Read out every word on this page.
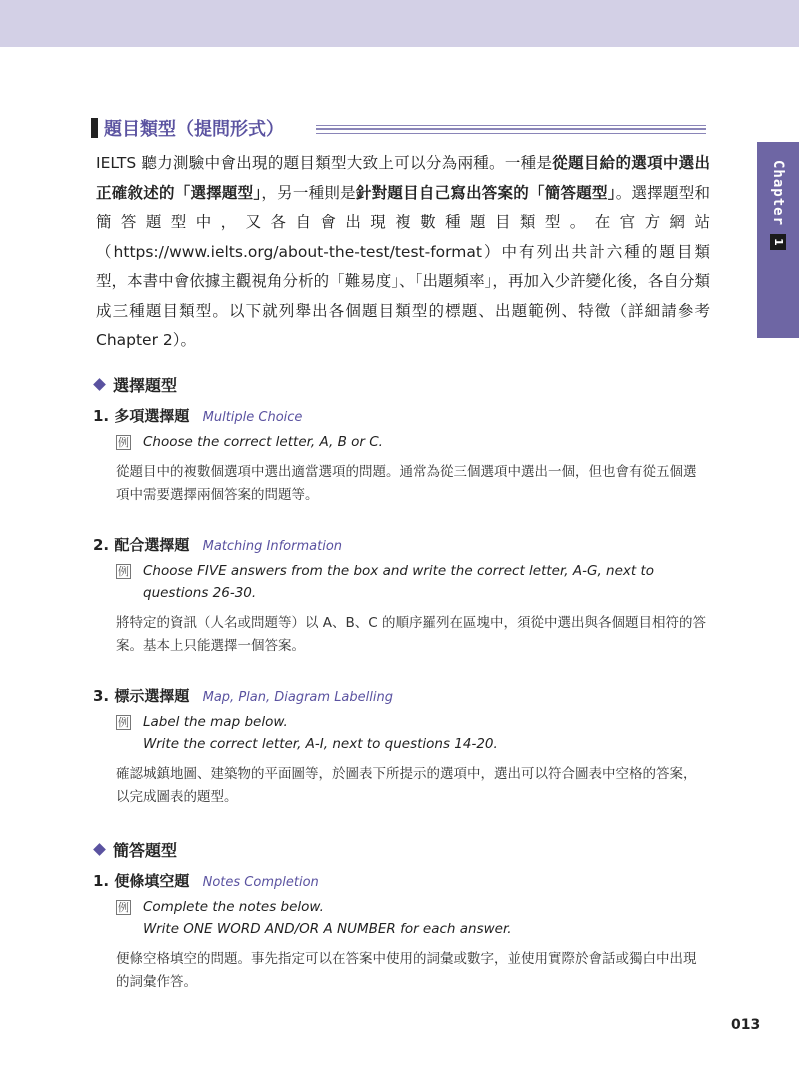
Chapter
1
題目類型（提問形式）

IELTS 聽力測驗中會出現的題目類型大致上可以分為兩種。一種是從題目給的選項中選出正確敘述的「選擇題型」，另一種則是針對題目自己寫出答案的「簡答題型」。選擇題型和簡答題型中，又各自會出現複數種題目類型。在官方網站（https://www.ielts.org/about-the-test/test-format）中有列出共計六種的題目類型，本書中會依據主觀視角分析的「難易度」、「出題頻率」，再加入少許變化後，各自分類成三種題目類型。以下就列舉出各個題目類型的標題、出題範例、特徵（詳細請參考 Chapter 2）。

選擇題型
1. 多項選擇題 Multiple Choice
例 Choose the correct letter, A, B or C.

從題目中的複數個選項中選出適當選項的問題。通常為從三個選項中選出一個，但也會有從五個選項中需要選擇兩個答案的問題等。

2. 配合選擇題 Matching Information
例 Choose FIVE answers from the box and write the correct letter, A-G, next to
questions 26-30.

將特定的資訊（人名或問題等）以 A、B、C 的順序羅列在區塊中，須從中選出與各個題目相符的答案。基本上只能選擇一個答案。

3. 標示選擇題 Map, Plan, Diagram Labelling
例 Label the map below.
Write the correct letter, A-I, next to questions 14-20.

確認城鎮地圖、建築物的平面圖等，於圖表下所提示的選項中，選出可以符合圖表中空格的答案，以完成圖表的題型。

簡答題型
1. 便條填空題 Notes Completion
例 Complete the notes below.
Write ONE WORD AND/OR A NUMBER for each answer.

便條空格填空的問題。事先指定可以在答案中使用的詞彙或數字，並使用實際於會話或獨白中出現的詞彙作答。

013
